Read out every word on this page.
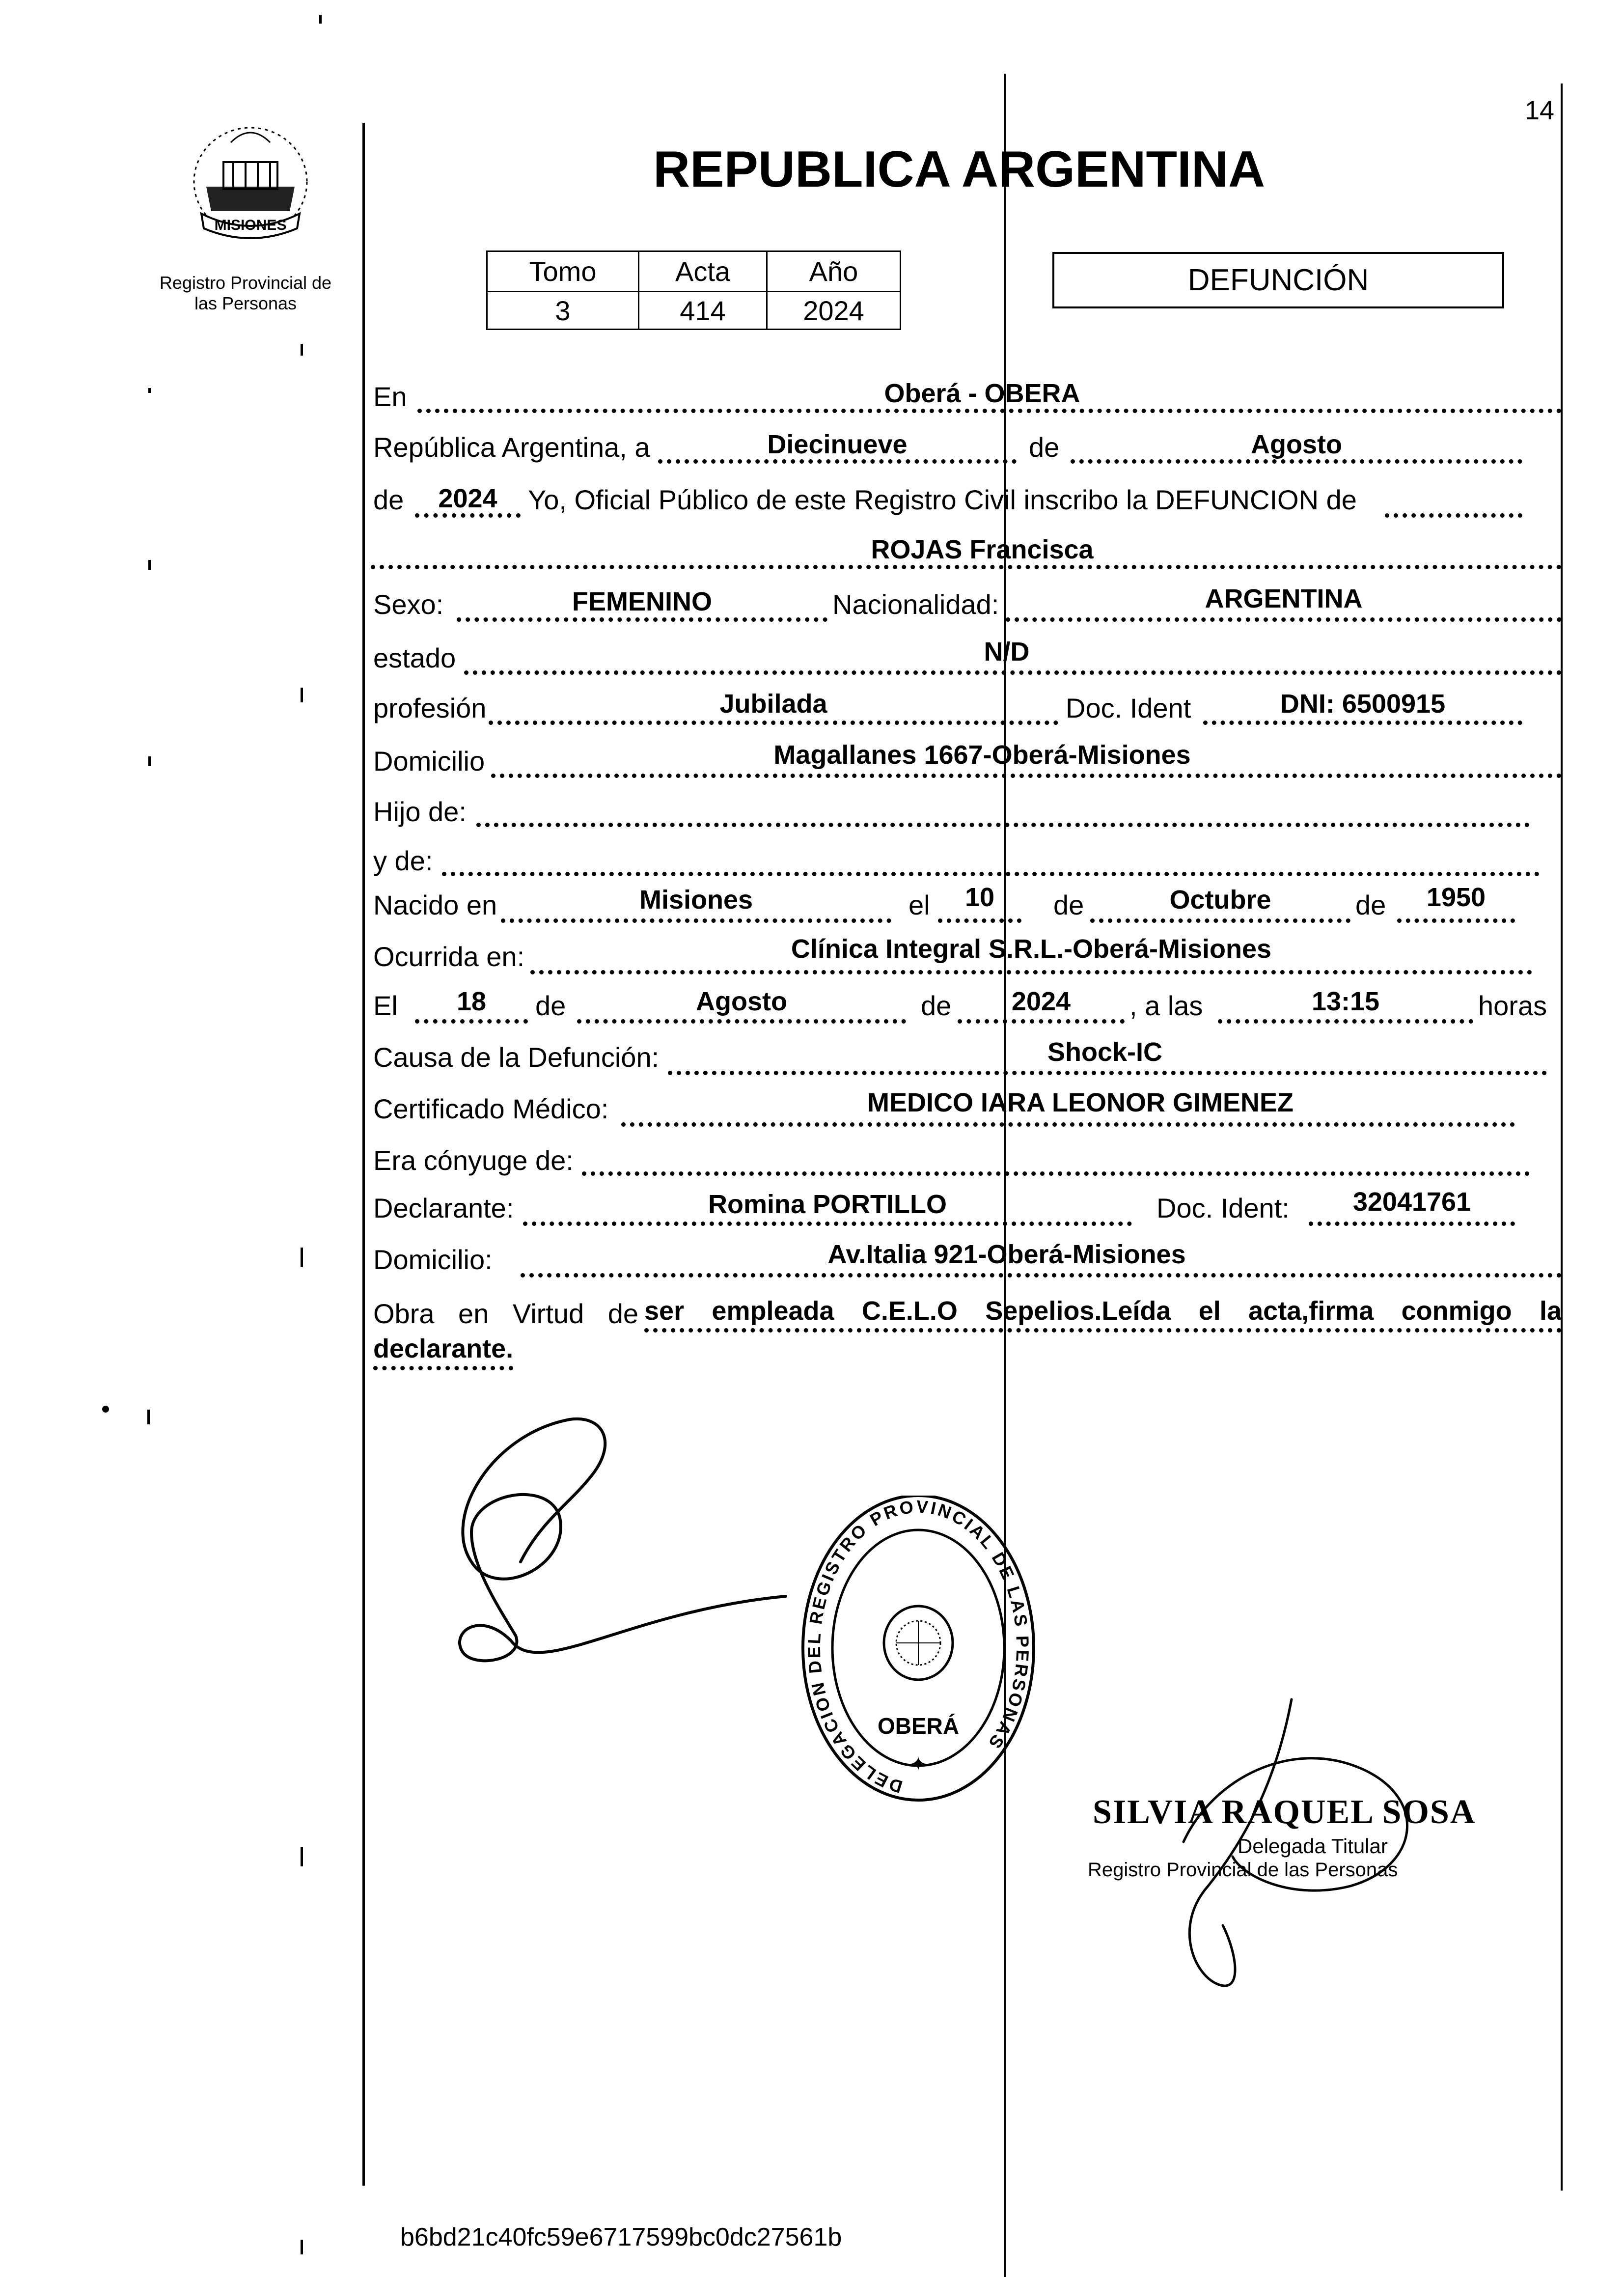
14
MISIONES
Registro Provincial de
las Personas
REPUBLICA ARGENTINA
Tomo	Acta	Año
3	414	2024
DEFUNCIÓN
En	Oberá - OBERA
República Argentina, a	Diecinueve	de	Agosto
de	2024	Yo, Oficial Público de este Registro Civil inscribo la DEFUNCION de
ROJAS Francisca
Sexo:	FEMENINO	Nacionalidad:	ARGENTINA
estado	N/D
profesión	Jubilada	Doc. Ident	DNI: 6500915
Domicilio	Magallanes 1667-Oberá-Misiones
Hijo de:
y de:
Nacido en	Misiones	el	10	de	Octubre	de	1950
Ocurrida en:	Clínica Integral S.R.L.-Oberá-Misiones
El	18	de	Agosto	de	2024	, a las	13:15	horas
Causa de la Defunción:	Shock-IC
Certificado Médico:	MEDICO IARA LEONOR GIMENEZ
Era cónyuge de:
Declarante:	Romina PORTILLO	Doc. Ident:	32041761
Domicilio:	Av.Italia 921-Oberá-Misiones
Obra en Virtud de ser empleada C.E.L.O Sepelios.Leída el acta,firma conmigo la
declarante.
DELEGACION DEL REGISTRO PROVINCIAL DE LAS PERSONAS
OBERÁ
✦
SILVIA RAQUEL SOSA
Delegada Titular
Registro Provincial de las Personas
b6bd21c40fc59e6717599bc0dc27561b
